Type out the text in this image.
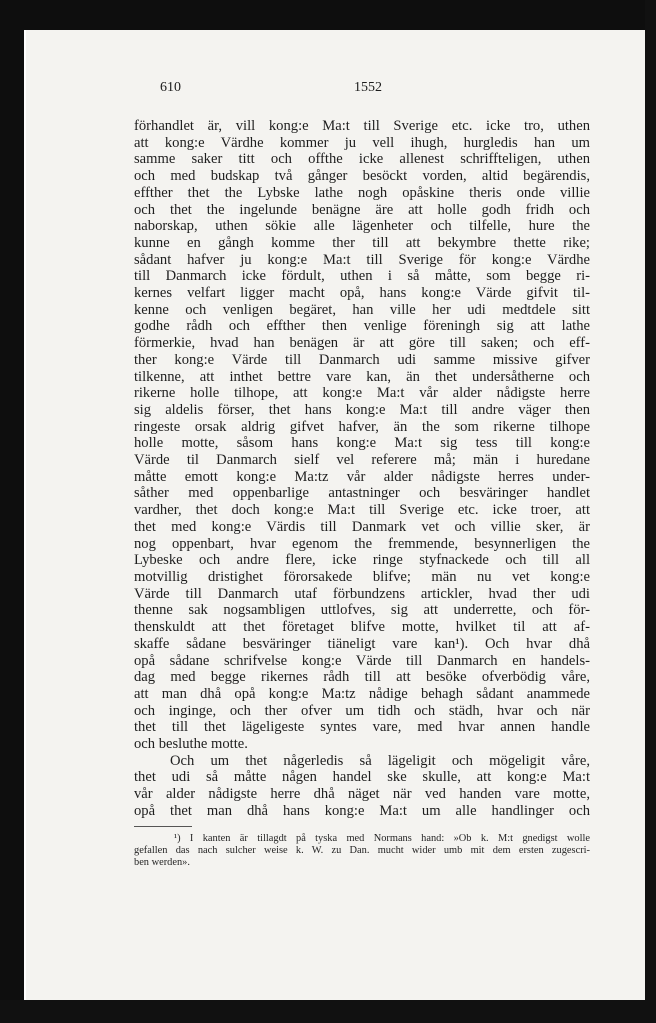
610	1552
förhandlet är, vill kong:e Ma:t till Sverige etc. icke tro, uthen
att kong:e Värdhe kommer ju vell ihugh, hurgledis han um
samme saker titt och offthe icke allenest schriffteligen, uthen
och med budskap två gånger besöckt vorden, altid begärendis,
effther thet the Lybske lathe nogh opåskine theris onde villie
och thet the ingelunde benägne äre att holle godh fridh och
naborskap, uthen sökie alle lägenheter och tilfelle, hure the
kunne en gångh komme ther till att bekymbre thette rike;
sådant hafver ju kong:e Ma:t till Sverige för kong:e Värdhe
till Danmarch icke fördult, uthen i så måtte, som begge ri-
kernes velfart ligger macht opå, hans kong:e Värde gifvit til-
kenne och venligen begäret, han ville her udi medtdele sitt
godhe rådh och effther then venlige föreningh sig att lathe
förmerkie, hvad han benägen är att göre till saken; och eff-
ther kong:e Värde till Danmarch udi samme missive gifver
tilkenne, att inthet bettre vare kan, än thet undersåtherne och
rikerne holle tilhope, att kong:e Ma:t vår alder nådigste herre
sig aldelis förser, thet hans kong:e Ma:t till andre väger then
ringeste orsak aldrig gifvet hafver, än the som rikerne tilhope
holle motte, såsom hans kong:e Ma:t sig tess till kong:e
Värde til Danmarch sielf vel referere må; män i huredane
måtte emott kong:e Ma:tz vår alder nådigste herres under-
såther med oppenbarlige antastninger och besväringer handlet
vardher, thet doch kong:e Ma:t till Sverige etc. icke troer, att
thet med kong:e Värdis till Danmark vet och villie sker, är
nog oppenbart, hvar egenom the fremmende, besynnerligen the
Lybeske och andre flere, icke ringe styfnackede och till all
motvillig dristighet förorsakede blifve; män nu vet kong:e
Värde till Danmarch utaf förbundzens artickler, hvad ther udi
thenne sak nogsambligen uttlofves, sig att underrette, och för-
thenskuldt att thet företaget blifve motte, hvilket til att af-
skaffe sådane besväringer tiäneligt vare kan¹). Och hvar dhå
opå sådane schrifvelse kong:e Värde till Danmarch en handels-
dag med begge rikernes rådh till att besöke ofverbödig våre,
att man dhå opå kong:e Ma:tz nådige behagh sådant anammede
och inginge, och ther ofver um tidh och städh, hvar och när
thet till thet lägeligeste syntes vare, med hvar annen handle
och besluthe motte.
Och um thet någerledis så lägeligit och mögeligit våre,
thet udi så måtte någen handel ske skulle, att kong:e Ma:t
vår alder nådigste herre dhå näget när ved handen vare motte,
opå thet man dhå hans kong:e Ma:t um alle handlinger och
¹) I kanten är tillagdt på tyska med Normans hand: »Ob k. M:t gnedigst wolle
gefallen das nach sulcher weise k. W. zu Dan. mucht wider umb mit dem ersten zugescri-
ben werden».
